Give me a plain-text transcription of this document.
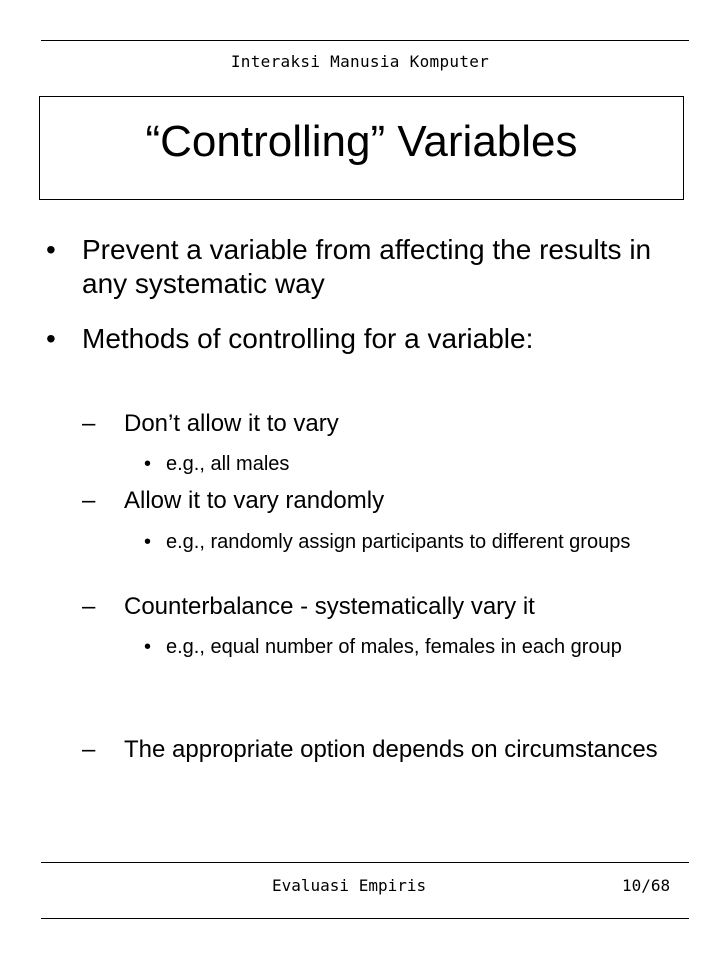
Interaksi Manusia Komputer
“Controlling” Variables
• Prevent a variable from affecting the results in any systematic way
• Methods of controlling for a variable:
– Don’t allow it to vary
• e.g., all males
– Allow it to vary randomly
• e.g., randomly assign participants to different groups
– Counterbalance - systematically vary it
• e.g., equal number of males, females in each group
– The appropriate option depends on circumstances
Evaluasi Empiris	10/68
